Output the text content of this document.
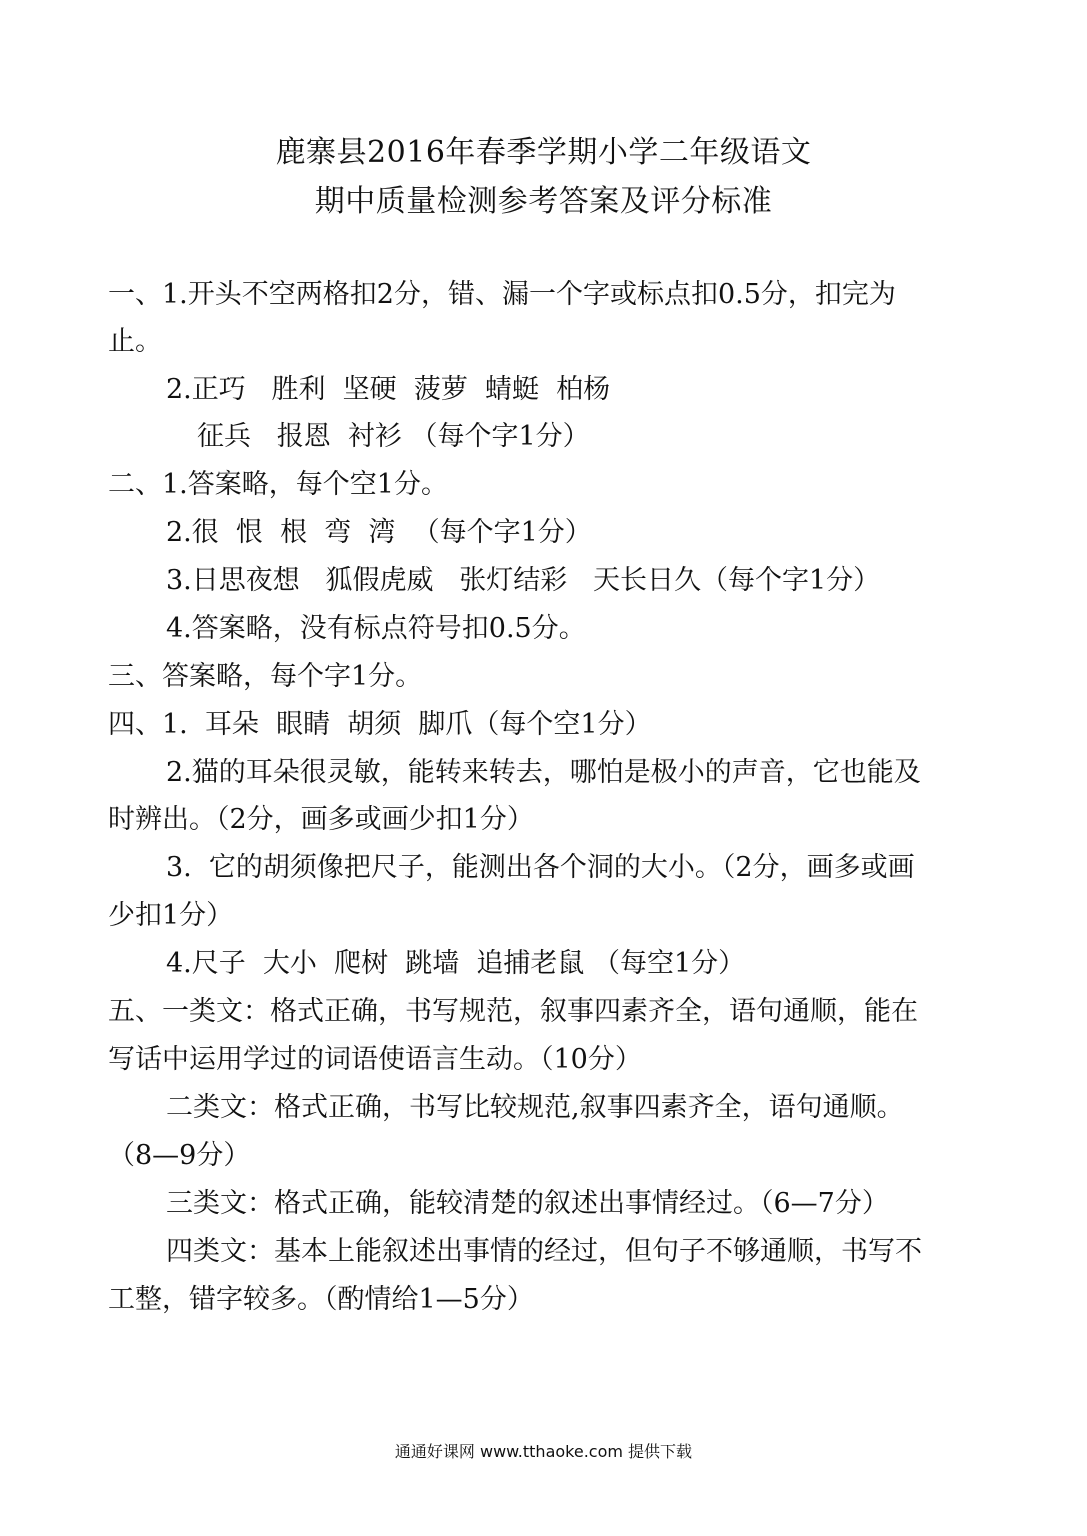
鹿寨县2016年春季学期小学二年级语文
期中质量检测参考答案及评分标准
一、1.开头不空两格扣2分，错、漏一个字或标点扣0.5分，扣完为
止。
2.正巧   胜利  坚硬  菠萝  蜻蜓  柏杨
征兵   报恩  衬衫 （每个字1分）
二、1.答案略，每个空1分。
2.很  恨  根  弯  湾  （每个字1分）
3.日思夜想   狐假虎威   张灯结彩   天长日久（每个字1分）
4.答案略，没有标点符号扣0.5分。
三、答案略，每个字1分。
四、1.  耳朵  眼睛  胡须  脚爪（每个空1分）
2.猫的耳朵很灵敏，能转来转去，哪怕是极小的声音，它也能及
时辨出。（2分，画多或画少扣1分）
3.  它的胡须像把尺子，能测出各个洞的大小。（2分，画多或画
少扣1分）
4.尺子  大小  爬树  跳墙  追捕老鼠 （每空1分）
五、一类文：格式正确，书写规范，叙事四素齐全，语句通顺，能在
写话中运用学过的词语使语言生动。（10分）
二类文：格式正确，书写比较规范,叙事四素齐全，语句通顺。
（8—9分）
三类文：格式正确，能较清楚的叙述出事情经过。（6—7分）
四类文：基本上能叙述出事情的经过，但句子不够通顺，书写不
工整，错字较多。（酌情给1—5分）
通通好课网 www.tthaoke.com 提供下载
